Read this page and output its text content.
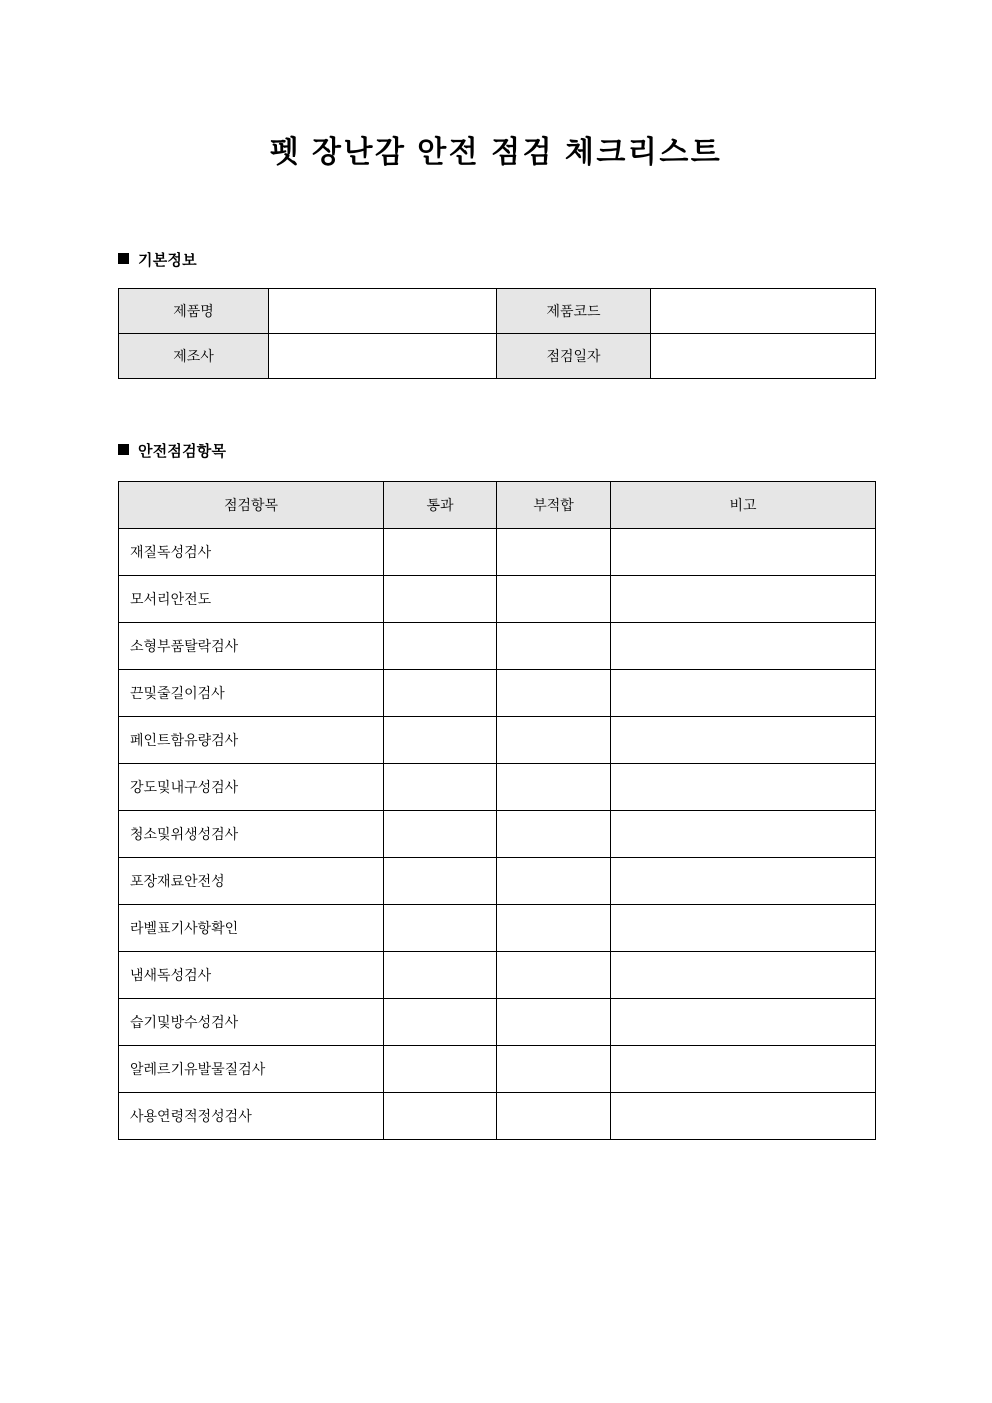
펫 장난감 안전 점검 체크리스트
기본정보
제품명		제품코드	
제조사		점검일자	
안전점검항목
점검항목	통과	부적합	비고
재질독성검사			
모서리안전도			
소형부품탈락검사			
끈및줄길이검사			
페인트함유량검사			
강도및내구성검사			
청소및위생성검사			
포장재료안전성			
라벨표기사항확인			
냄새독성검사			
습기및방수성검사			
알레르기유발물질검사			
사용연령적정성검사			
